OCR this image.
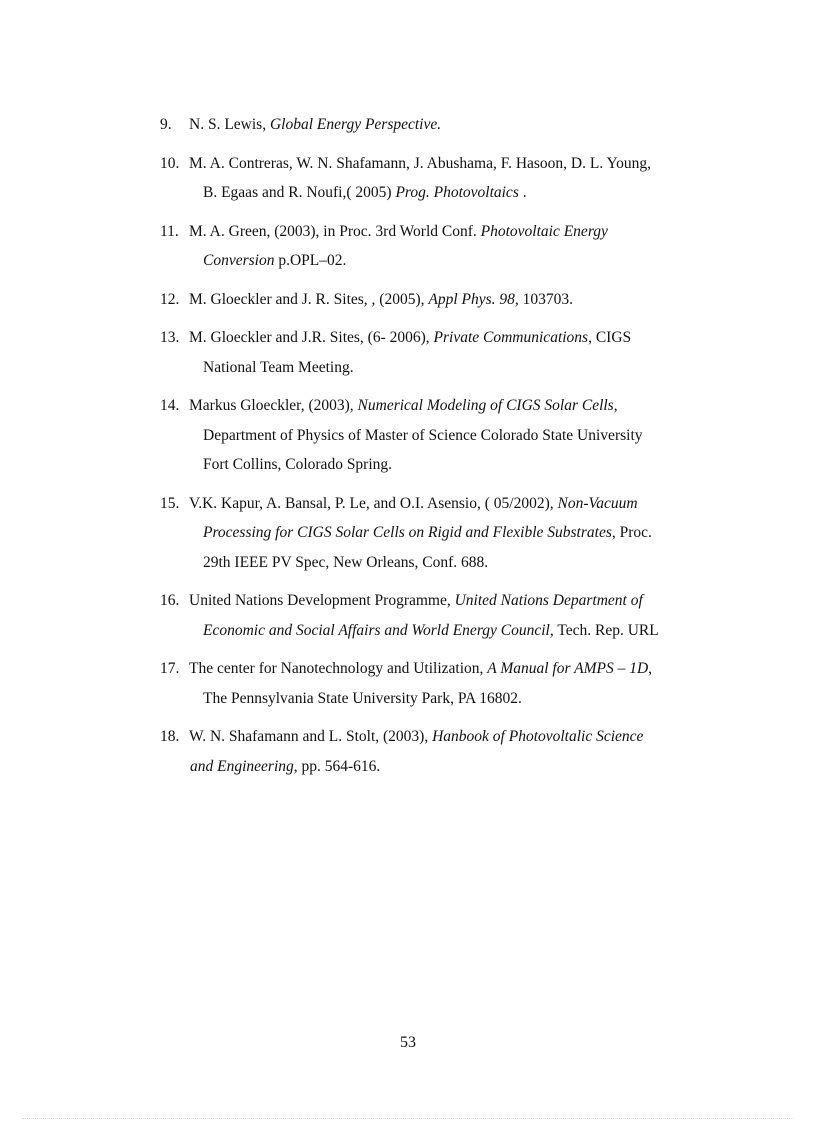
9. N. S. Lewis, Global Energy Perspective.
10. M. A. Contreras, W. N. Shafamann, J. Abushama, F. Hasoon, D. L. Young,
B. Egaas and R. Noufi,( 2005) Prog. Photovoltaics .
11. M. A. Green, (2003), in Proc. 3rd World Conf. Photovoltaic Energy
Conversion p.OPL–02.
12. M. Gloeckler and J. R. Sites, , (2005), Appl Phys. 98, 103703.
13. M. Gloeckler and J.R. Sites, (6- 2006), Private Communications, CIGS
National Team Meeting.
14. Markus Gloeckler, (2003), Numerical Modeling of CIGS Solar Cells,
Department of Physics of Master of Science Colorado State University
Fort Collins, Colorado Spring.
15. V.K. Kapur, A. Bansal, P. Le, and O.I. Asensio, ( 05/2002), Non-Vacuum
Processing for CIGS Solar Cells on Rigid and Flexible Substrates, Proc.
29th IEEE PV Spec, New Orleans, Conf. 688.
16. United Nations Development Programme, United Nations Department of
Economic and Social Affairs and World Energy Council, Tech. Rep. URL
17. The center for Nanotechnology and Utilization, A Manual for AMPS – 1D,
The Pennsylvania State University Park, PA 16802.
18. W. N. Shafamann and L. Stolt, (2003), Hanbook of Photovoltalic Science
and Engineering, pp. 564-616.
53
